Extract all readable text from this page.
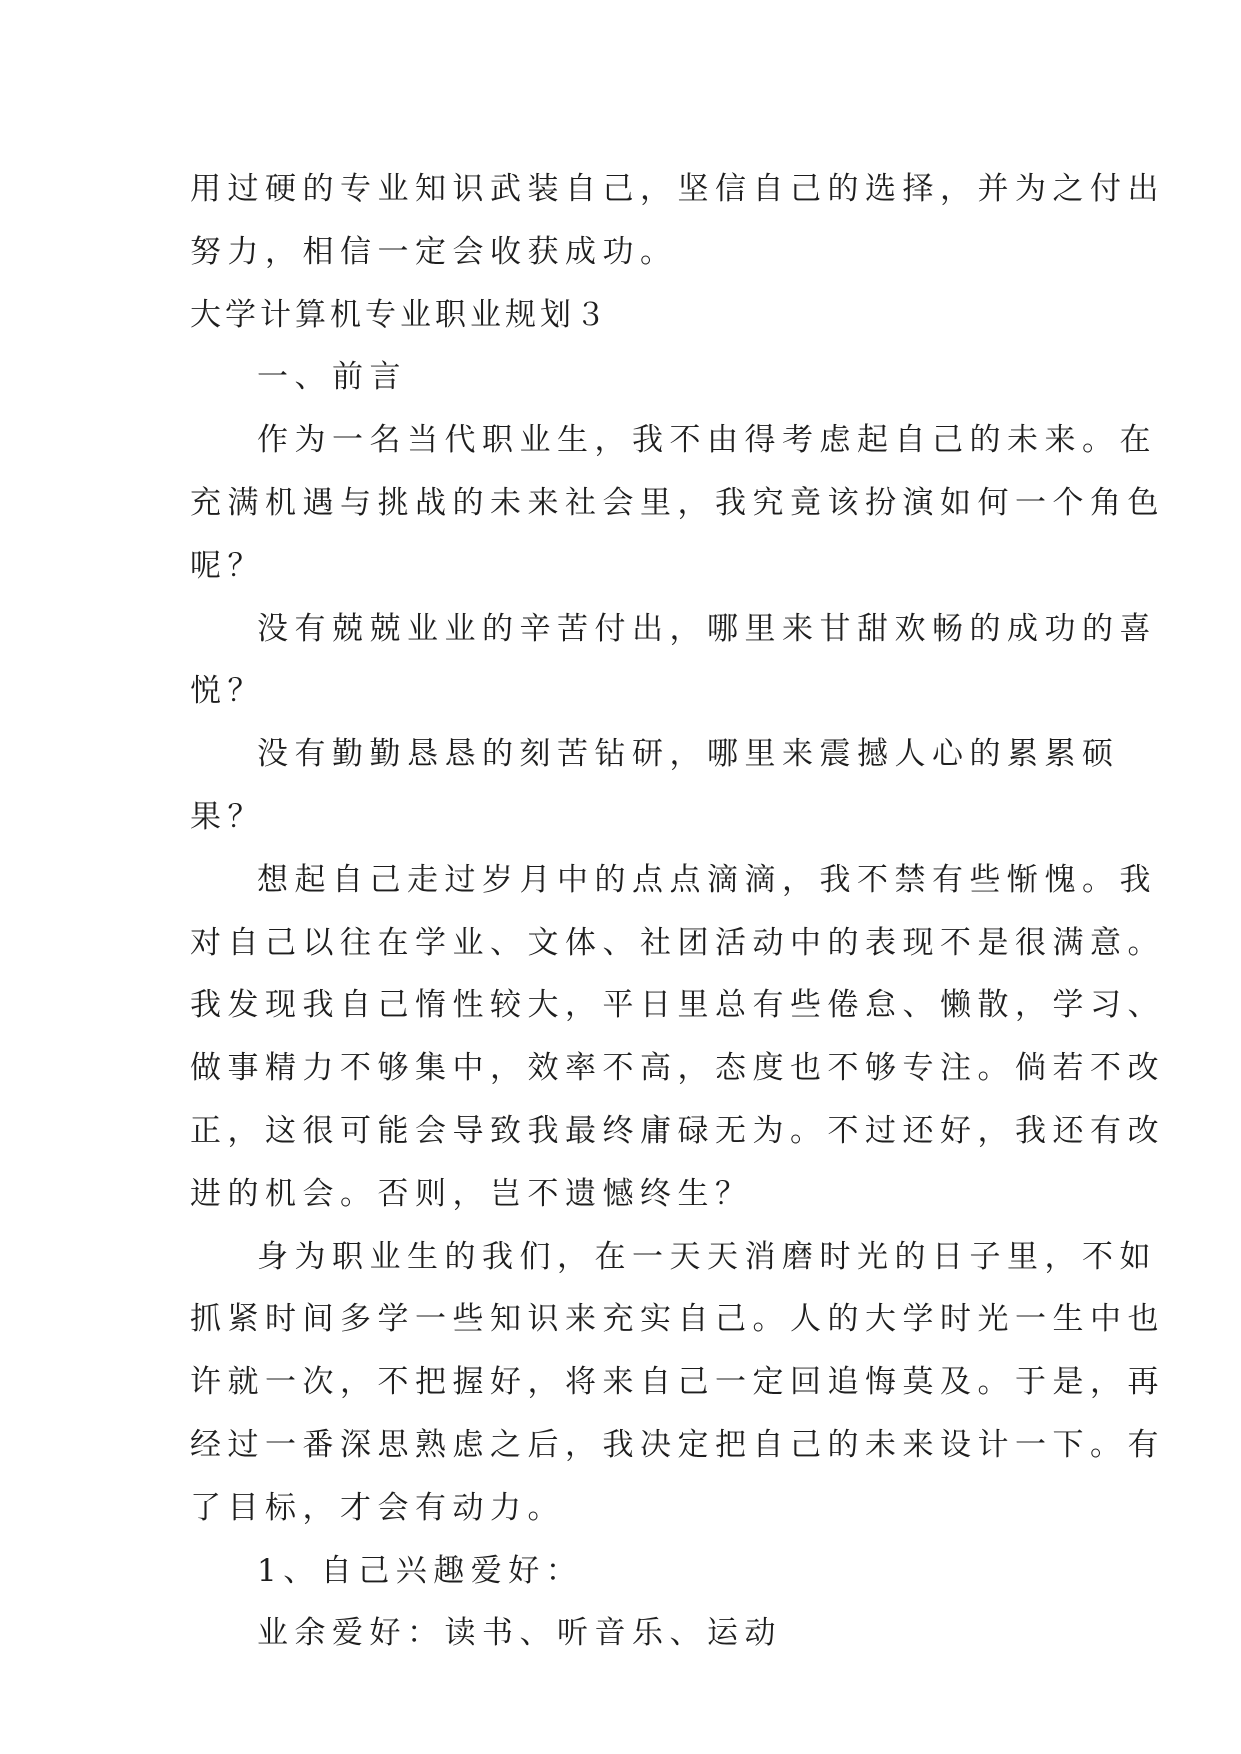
用过硬的专业知识武装自己，坚信自己的选择，并为之付出
努力，相信一定会收获成功。
大学计算机专业职业规划３
一、前言
作为一名当代职业生，我不由得考虑起自己的未来。在
充满机遇与挑战的未来社会里，我究竟该扮演如何一个角色
呢？
没有兢兢业业的辛苦付出，哪里来甘甜欢畅的成功的喜
悦？
没有勤勤恳恳的刻苦钻研，哪里来震撼人心的累累硕
果？
想起自己走过岁月中的点点滴滴，我不禁有些惭愧。我
对自己以往在学业、文体、社团活动中的表现不是很满意。
我发现我自己惰性较大，平日里总有些倦怠、懒散，学习、
做事精力不够集中，效率不高，态度也不够专注。倘若不改
正，这很可能会导致我最终庸碌无为。不过还好，我还有改
进的机会。否则，岂不遗憾终生？
身为职业生的我们，在一天天消磨时光的日子里，不如
抓紧时间多学一些知识来充实自己。人的大学时光一生中也
许就一次，不把握好，将来自己一定回追悔莫及。于是，再
经过一番深思熟虑之后，我决定把自己的未来设计一下。有
了目标，才会有动力。
1、自己兴趣爱好：
业余爱好：读书、听音乐、运动
